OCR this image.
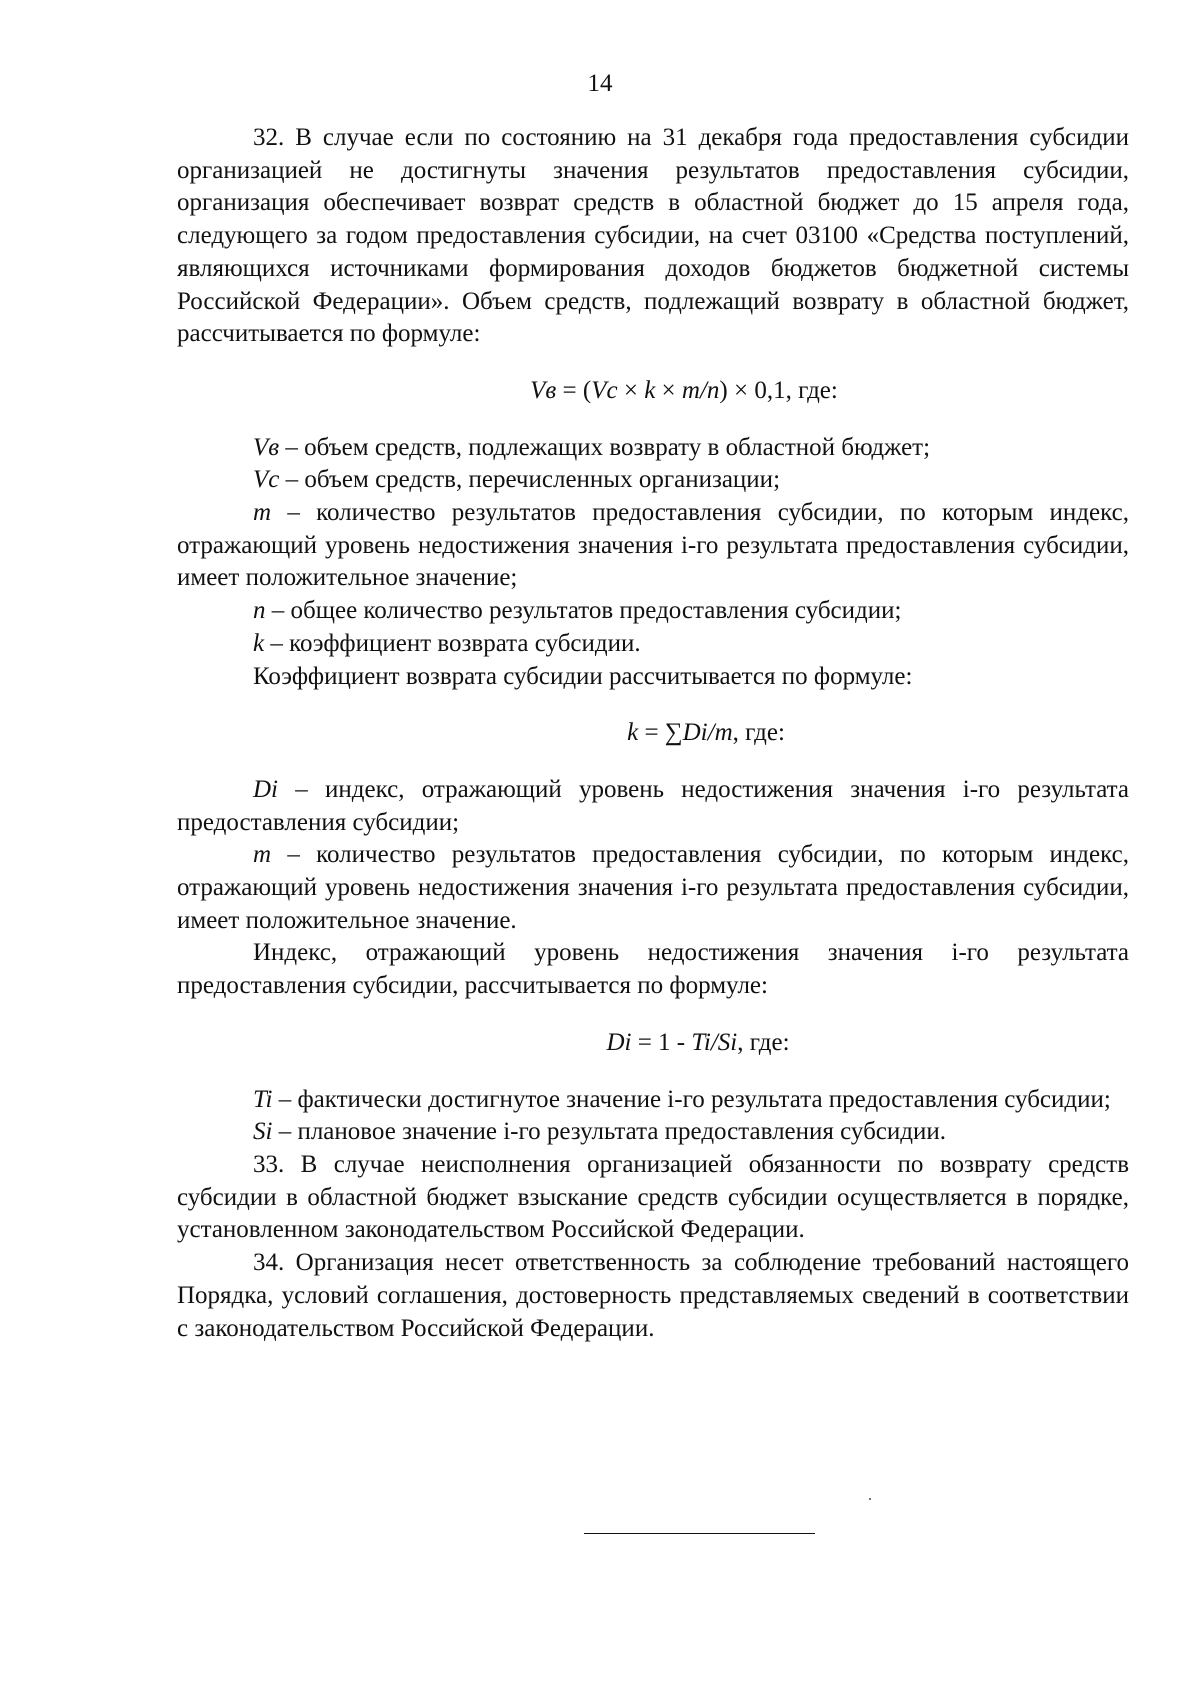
14

32. В случае если по состоянию на 31 декабря года предоставления субсидии организацией не достигнуты значения результатов предоставления субсидии, организация обеспечивает возврат средств в областной бюджет до 15 апреля года, следующего за годом предоставления субсидии, на счет 03100 «Средства поступлений, являющихся источниками формирования доходов бюджетов бюджетной системы Российской Федерации». Объем средств, подлежащий возврату в областной бюджет, рассчитывается по формуле:

Vв = (Vc × k × m/n) × 0,1, где:

Vв – объем средств, подлежащих возврату в областной бюджет;

Vc – объем средств, перечисленных организации;

m – количество результатов предоставления субсидии, по которым индекс, отражающий уровень недостижения значения i-го результата предоставления субсидии, имеет положительное значение;

n – общее количество результатов предоставления субсидии;

k – коэффициент возврата субсидии.

Коэффициент возврата субсидии рассчитывается по формуле:

k = ∑Di/m, где:

Di – индекс, отражающий уровень недостижения значения i-го результата предоставления субсидии;

m – количество результатов предоставления субсидии, по которым индекс, отражающий уровень недостижения значения i-го результата предоставления субсидии, имеет положительное значение.

Индекс, отражающий уровень недостижения значения i-го результата предоставления субсидии, рассчитывается по формуле:

Di = 1 - Ti/Si, где:

Ti – фактически достигнутое значение i-го результата предоставления субсидии;

Si – плановое значение i-го результата предоставления субсидии.

33. В случае неисполнения организацией обязанности по возврату средств субсидии в областной бюджет взыскание средств субсидии осуществляется в порядке, установленном законодательством Российской Федерации.

34. Организация несет ответственность за соблюдение требований настоящего Порядка, условий соглашения, достоверность представляемых сведений в соответствии с законодательством Российской Федерации.
